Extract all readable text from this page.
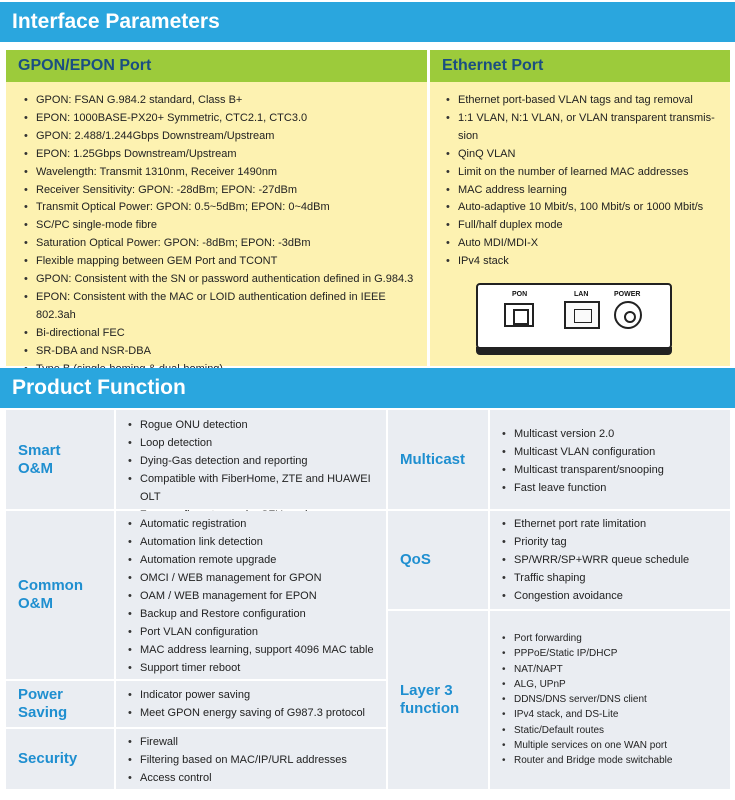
Interface Parameters
GPON/EPON Port	Ethernet Port
• GPON: FSAN G.984.2 standard, Class B+
• EPON: 1000BASE-PX20+ Symmetric, CTC2.1, CTC3.0
• GPON: 2.488/1.244Gbps Downstream/Upstream
• EPON: 1.25Gbps Downstream/Upstream
• Wavelength: Transmit 1310nm, Receiver 1490nm
• Receiver Sensitivity: GPON: -28dBm; EPON: -27dBm
• Transmit Optical Power: GPON: 0.5~5dBm; EPON: 0~4dBm
• SC/PC single-mode fibre
• Saturation Optical Power: GPON: -8dBm; EPON: -3dBm
• Flexible mapping between GEM Port and TCONT
• GPON: Consistent with the SN or password authentication defined in G.984.3
• EPON: Consistent with the MAC or LOID authentication defined in IEEE 802.3ah
• Bi-directional FEC
• SR-DBA and NSR-DBA
•
• Ethernet port-based VLAN tags and tag removal
• 1:1 VLAN, N:1 VLAN, or VLAN transparent transmis-sion
• QinQ VLAN
• Limit on the number of learned MAC addresses
• MAC address learning
• Auto-adaptive 10 Mbit/s, 100 Mbit/s or 1000 Mbit/s
• Full/half duplex mode
• Auto MDI/MDI-X
• IPv4 stack
PON	LAN	POWER
Product Function
Smart
O&M
• Rogue ONU detection
• Loop detection
• Dying-Gas detection and reporting
• Compatible with FiberHome, ZTE and HUAWEI OLT
•
Common
O&M
• Automatic registration
• Automation link detection
• Automation remote upgrade
• OMCI / WEB management for GPON
• OAM / WEB management for EPON
• Backup and Restore configuration
• Port VLAN configuration
• MAC address learning, support 4096 MAC table
• Support timer reboot
Power
Saving
• Indicator power saving
• Meet GPON energy saving of G987.3 protocol
Security
• Firewall
• Filtering based on MAC/IP/URL addresses
• Access control
Multicast
• Multicast version 2.0
• Multicast VLAN configuration
• Multicast transparent/snooping
• Fast leave function
QoS
• Ethernet port rate limitation
• Priority tag
• SP/WRR/SP+WRR queue schedule
• Traffic shaping
• Congestion avoidance
Layer 3
function
• Port forwarding
• PPPoE/Static IP/DHCP
• NAT/NAPT
• ALG, UPnP
• DDNS/DNS server/DNS client
• IPv4 stack, and DS-Lite
• Static/Default routes
• Multiple services on one WAN port
• Router and Bridge mode switchable
